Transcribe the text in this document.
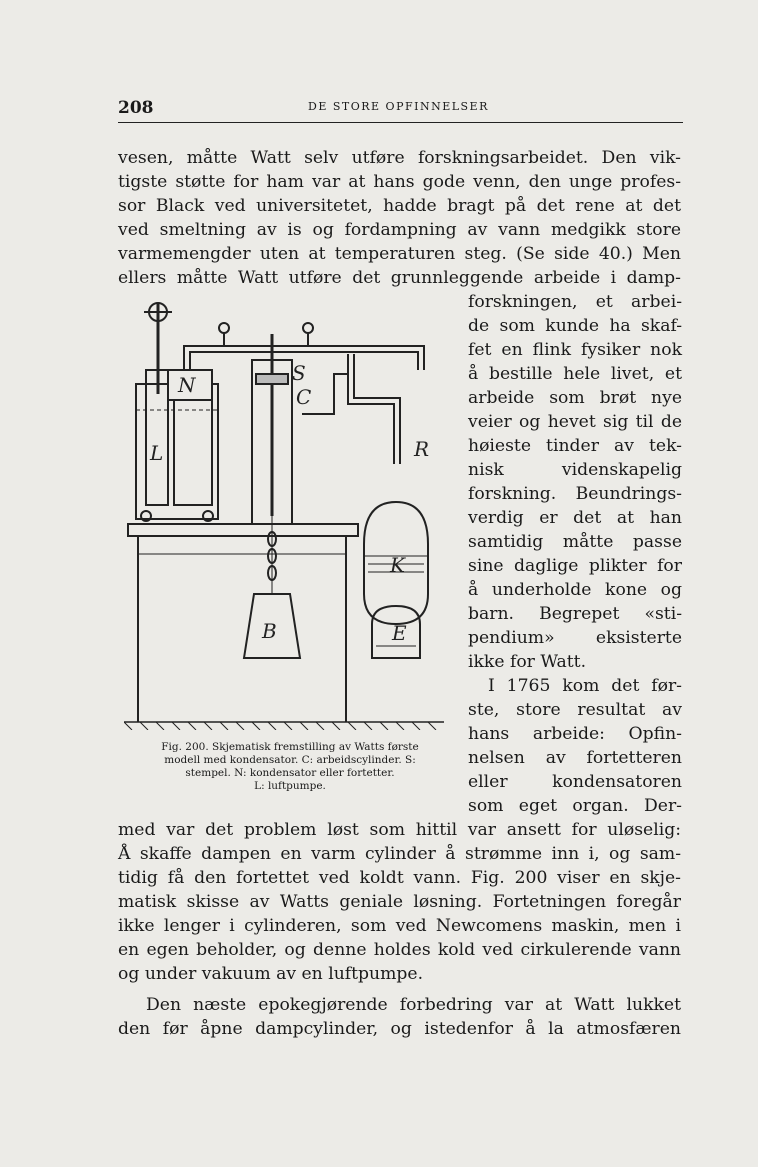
208	DE STORE OPFINNELSER
vesen, måtte Watt selv utføre forskningsarbeidet. Den vik-
tigste støtte for ham var at hans gode venn, den unge profes-
sor Black ved universitetet, hadde bragt på det rene at det
ved smeltning av is og fordampning av vann medgikk store
varmemengder uten at temperaturen steg. (Se side 40.) Men
ellers måtte Watt utføre det grunnleggende arbeide i damp-
forskningen, et arbei-
de som kunde ha skaf-
fet en flink fysiker nok
å bestille hele livet, et
arbeide som brøt nye
veier og hevet sig til de
høieste tinder av tek-
nisk videnskapelig
forskning. Beundrings-
verdig er det at han
samtidig måtte passe
sine daglige plikter for
å underholde kone og
barn. Begrepet «sti-
pendium» eksisterte
ikke for Watt.
I 1765 kom det før-
ste, store resultat av
hans arbeide: Opfin-
nelsen av fortetteren
eller kondensatoren
som eget organ. Der-
med var det problem løst som hittil var ansett for uløselig:
Å skaffe dampen en varm cylinder å strømme inn i, og sam-
tidig få den fortettet ved koldt vann. Fig. 200 viser en skje-
matisk skisse av Watts geniale løsning. Fortetningen foregår
ikke lenger i cylinderen, som ved Newcomens maskin, men i
en egen beholder, og denne holdes kold ved cirkulerende vann
og under vakuum av en luftpumpe.
Den næste epokegjørende forbedring var at Watt lukket
den før åpne dampcylinder, og istedenfor å la atmosfæren
N	S
C
R
L
K
B	E
Fig. 200. Skjematisk fremstilling av Watts første
modell med kondensator. C: arbeidscylinder. S:
stempel. N: kondensator eller fortetter.
L: luftpumpe.
